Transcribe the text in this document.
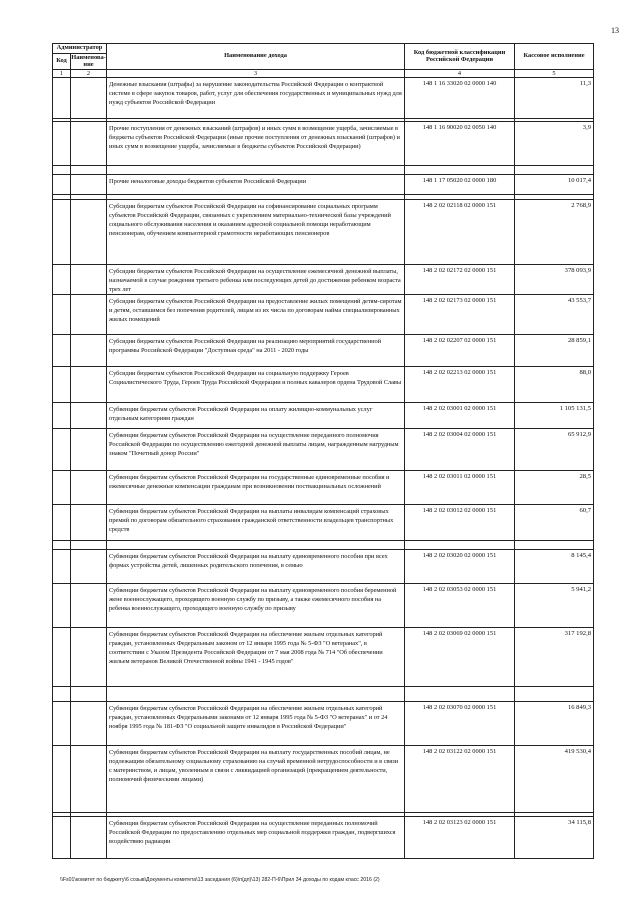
13
Администратор		Наименование дохода	Код бюджетной классификации Российской Федерации	Кассовое исполнение
Код	Наименова-ние			
1	2	3	4	5
		Денежные взыскания (штрафы) за нарушение законодательства Российской Федерации о контрактной системе в сфере закупок товаров, работ, услуг для обеспечения государственных и муниципальных нужд для нужд субъектов Российской Федерации	148 1 16 33020 02 0000 140	11,3

		Прочие поступления от денежных взысканий (штрафов) и иных сумм в возмещение ущерба, зачисляемые в бюджеты субъектов Российской Федерации (иные прочие поступления от денежных взысканий (штрафов) и иных сумм в возмещение ущерба, зачисляемые в бюджеты субъектов Российской Федерации)	148 1 16 90020 02 0050 140	3,9

		Прочие неналоговые доходы бюджетов субъектов Российской Федерации	148 1 17 05020 02 0000 180	10 017,4

		Субсидии бюджетам субъектов Российской Федерации на софинансирование социальных программ субъектов Российской Федерации, связанных с укреплением материально-технической базы учреждений социального обслуживания населения и оказанием адресной социальной помощи неработающим пенсионерам, обучением компьютерной грамотности неработающих пенсионеров	148 2 02 02118 02 0000 151	2 768,9
		Субсидии бюджетам субъектов Российской Федерации на осуществление ежемесячной денежной выплаты, назначаемой в случае рождения третьего ребенка или последующих детей до достижения ребенком возраста трех лет	148 2 02 02172 02 0000 151	378 093,9
		Субсидии бюджетам субъектов Российской Федерации на предоставление жилых помещений детям-сиротам и детям, оставшимся без попечения родителей, лицам из их числа по договорам найма специализированных жилых помещений	148 2 02 02173 02 0000 151	43 553,7
		Субсидии бюджетам субъектов Российской Федерации на реализацию мероприятий государственной программы Российской Федерации "Доступная среда" на 2011 - 2020 годы	148 2 02 02207 02 0000 151	28 859,1
		Субсидии бюджетам субъектов Российской Федерации на социальную поддержку Героев Социалистического Труда, Героев Труда Российской Федерации и полных кавалеров ордена Трудовой Славы	148 2 02 02213 02 0000 151	88,0
		Субвенции бюджетам субъектов Российской Федерации на оплату жилищно-коммунальных услуг отдельным категориям граждан	148 2 02 03001 02 0000 151	1 105 131,5
		Субвенции бюджетам субъектов Российской Федерации на осуществление переданного полномочия Российской Федерации по осуществлению ежегодной денежной выплаты лицам, награжденным нагрудным знаком "Почетный донор России"	148 2 02 03004 02 0000 151	65 912,9
		Субвенции бюджетам субъектов Российской Федерации на государственные единовременные пособия и ежемесячные денежные компенсации гражданам при возникновении поствакцинальных осложнений	148 2 02 03011 02 0000 151	28,5
		Субвенции бюджетам субъектов Российской Федерации на выплаты инвалидам компенсаций страховых премий по договорам обязательного страхования гражданской ответственности владельцев транспортных средств	148 2 02 03012 02 0000 151	60,7

		Субвенции бюджетам субъектов Российской Федерации на выплату единовременного пособия при всех формах устройства детей, лишенных родительского попечения, в семью	148 2 02 03020 02 0000 151	8 145,4
		Субвенции бюджетам субъектов Российской Федерации на выплату единовременного пособия беременной жене военнослужащего, проходящего военную службу по призыву, а также ежемесячного пособия на ребенка военнослужащего, проходящего военную службу по призыву	148 2 02 03053 02 0000 151	5 941,2
		Субвенции бюджетам субъектов Российской Федерации на обеспечение жильем отдельных категорий граждан, установленных Федеральным законом от 12 января 1995 года № 5-ФЗ "О ветеранах", в соответствии с Указом Президента Российской Федерации от 7 мая 2008 года № 714 "Об обеспечении жильем ветеранов Великой Отечественной войны 1941 - 1945 годов"	148 2 02 03069 02 0000 151	317 192,8

		Субвенции бюджетам субъектов Российской Федерации на обеспечение жильем отдельных категорий граждан, установленных Федеральными законами от 12 января 1995 года № 5-ФЗ "О ветеранах" и от 24 ноября 1995 года № 181-ФЗ "О социальной защите инвалидов в Российской Федерации"	148 2 02 03070 02 0000 151	16 849,3
		Субвенции бюджетам субъектов Российской Федерации на выплату государственных пособий лицам, не подлежащим обязательному социальному страхованию на случай временной нетрудоспособности и в связи с материнством, и лицам, уволенным в связи с ликвидацией организаций (прекращением деятельности, полномочий физическими лицами)	148 2 02 03122 02 0000 151	419 530,4

		Субвенции бюджетам субъектов Российской Федерации на осуществление переданных полномочий Российской Федерации по предоставлению отдельных мер социальной поддержки граждан, подвергшихся воздействию радиации	148 2 02 03123 02 0000 151	34 115,8
\\Fs01\комитет по бюджету\6 созыв\Документы комитета\13 заседания (6)\п(дп)\13) 282-П-6\Прил 34 доходы по кодам класс 2016 (2)
